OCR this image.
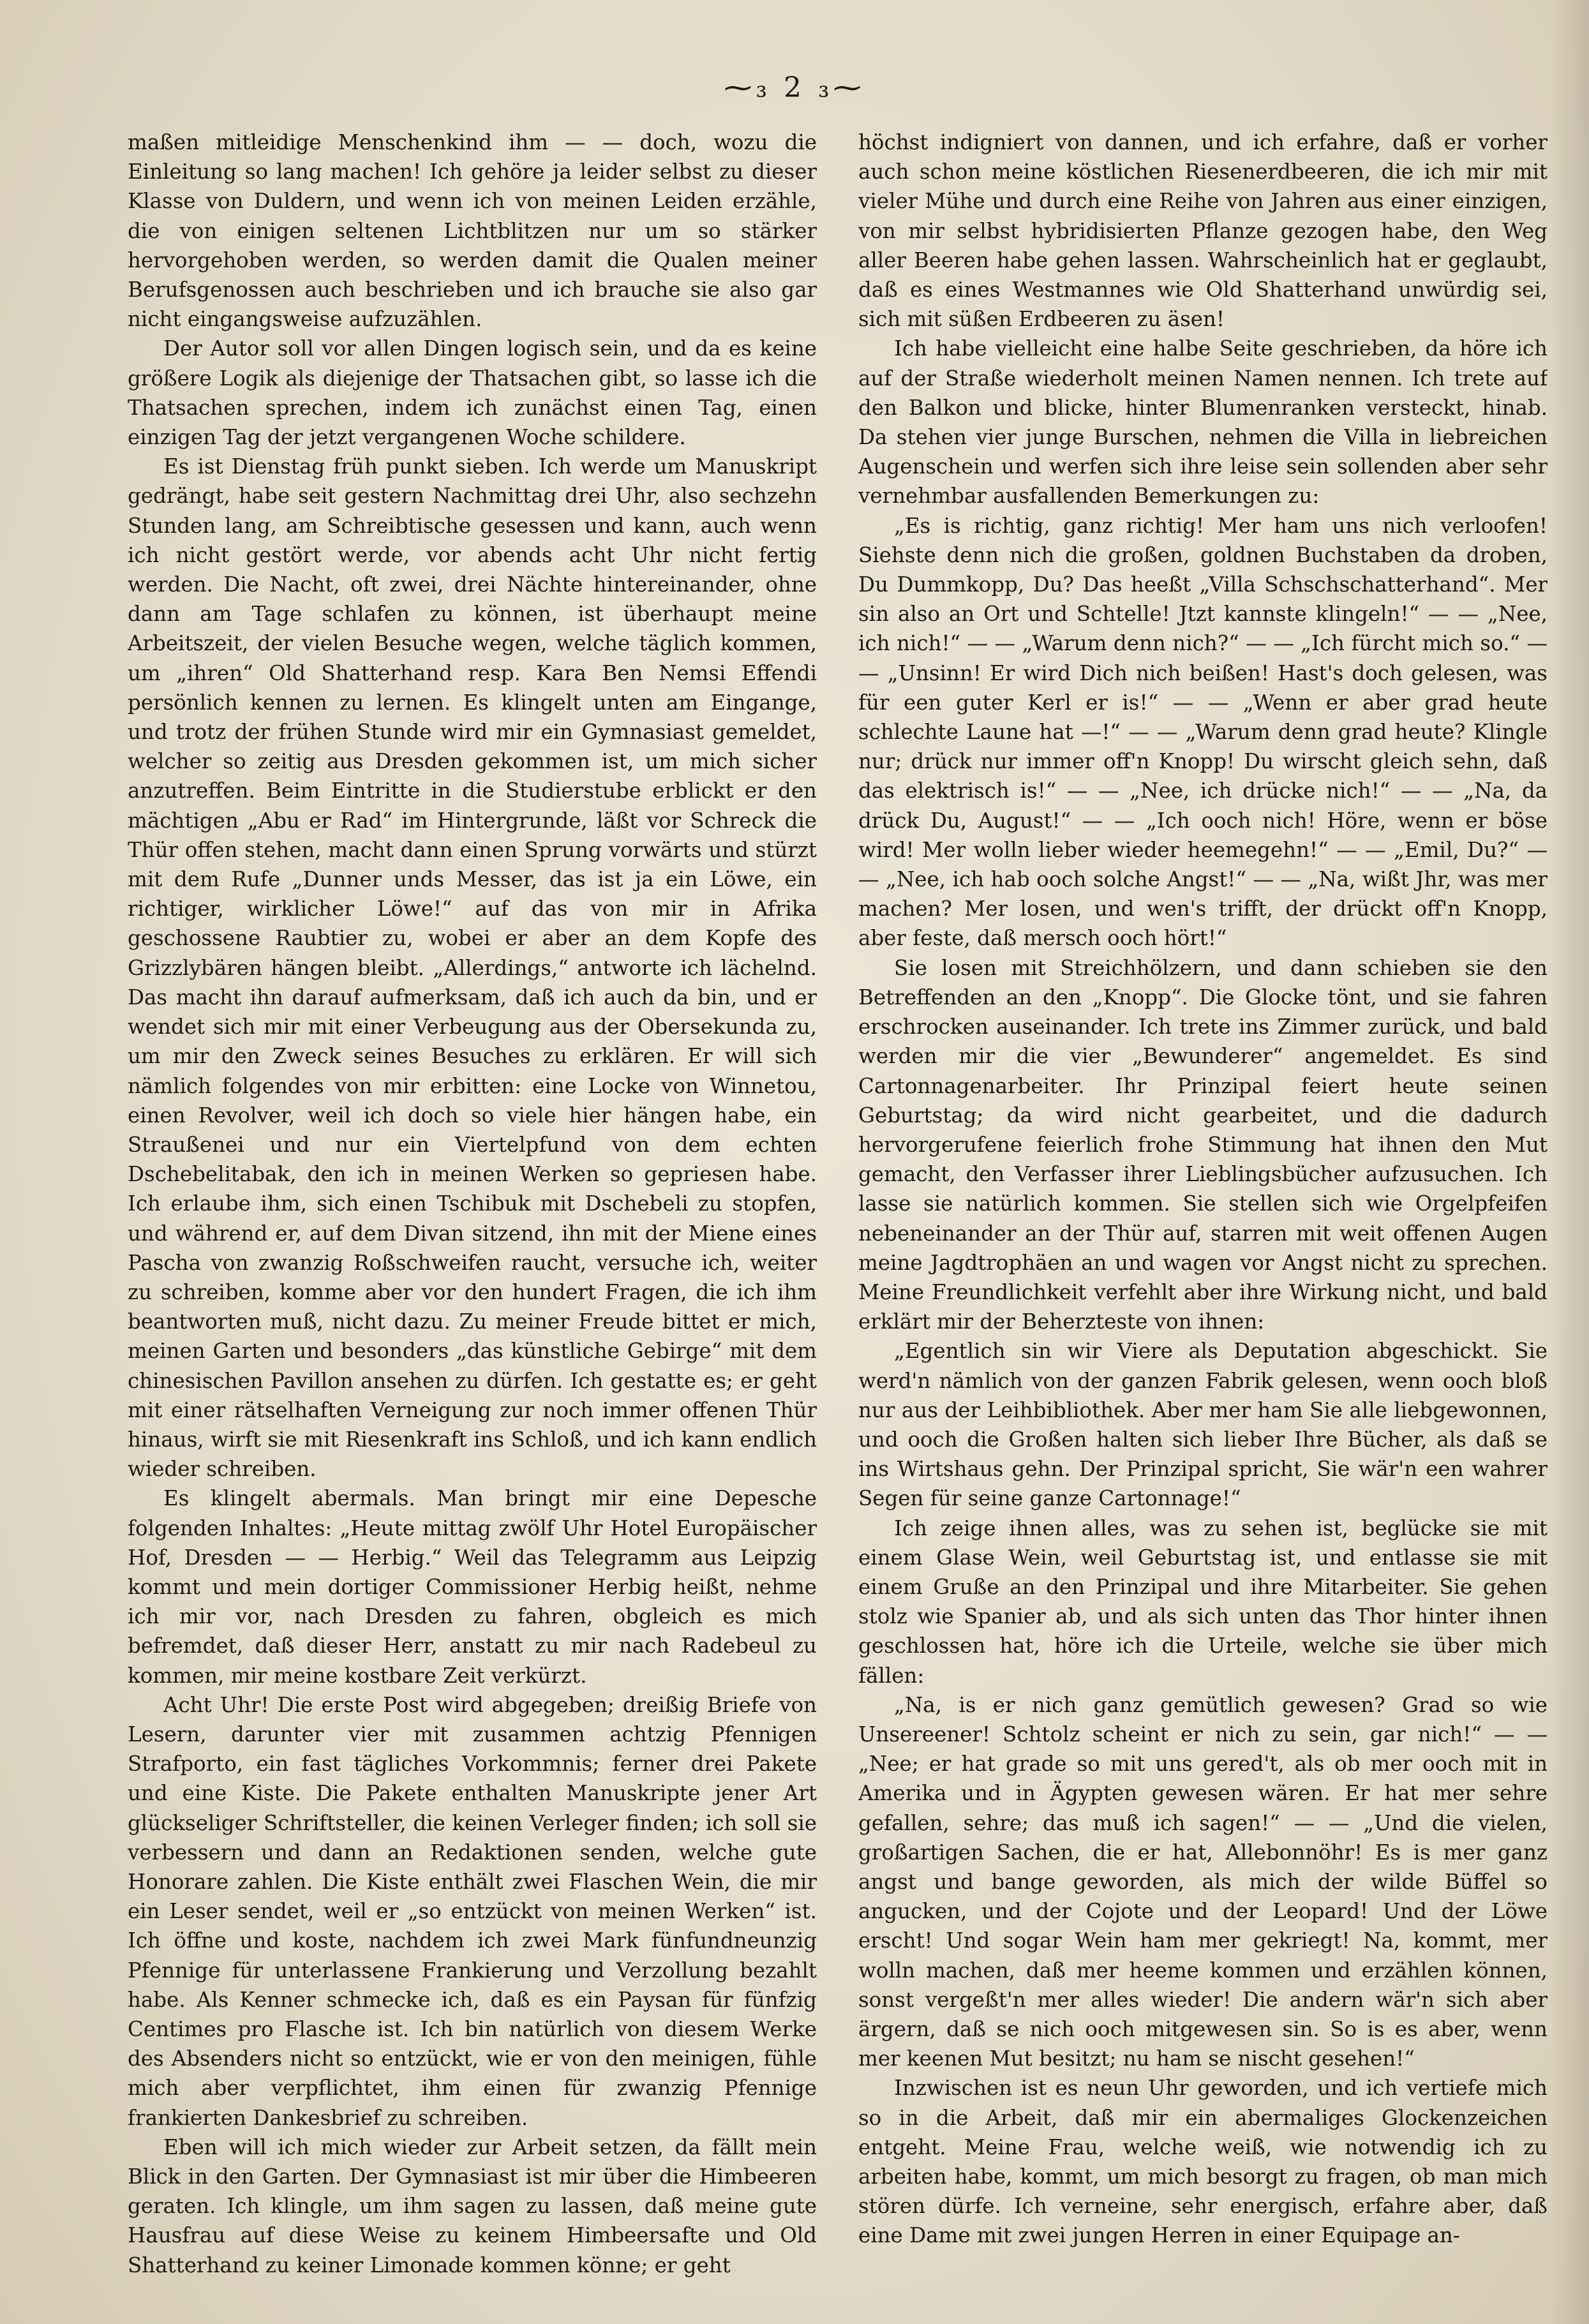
⁓₃ 2 ₃⁓

maßen mitleidige Menschenkind ihm — — doch, wozu die Einleitung so lang machen! Ich gehöre ja leider selbst zu dieser Klasse von Duldern, und wenn ich von meinen Leiden erzähle, die von einigen seltenen Lichtblitzen nur um so stärker hervorgehoben werden, so werden damit die Qualen meiner Berufsgenossen auch beschrieben und ich brauche sie also gar nicht eingangsweise aufzuzählen.

Der Autor soll vor allen Dingen logisch sein, und da es keine größere Logik als diejenige der Thatsachen gibt, so lasse ich die Thatsachen sprechen, indem ich zunächst einen Tag, einen einzigen Tag der jetzt vergangenen Woche schildere.

Es ist Dienstag früh punkt sieben. Ich werde um Manuskript gedrängt, habe seit gestern Nachmittag drei Uhr, also sechzehn Stunden lang, am Schreibtische gesessen und kann, auch wenn ich nicht gestört werde, vor abends acht Uhr nicht fertig werden. Die Nacht, oft zwei, drei Nächte hintereinander, ohne dann am Tage schlafen zu können, ist überhaupt meine Arbeitszeit, der vielen Besuche wegen, welche täglich kommen, um „ihren“ Old Shatterhand resp. Kara Ben Nemsi Effendi persönlich kennen zu lernen. Es klingelt unten am Eingange, und trotz der frühen Stunde wird mir ein Gymnasiast gemeldet, welcher so zeitig aus Dresden gekommen ist, um mich sicher anzutreffen. Beim Eintritte in die Studierstube erblickt er den mächtigen „Abu er Rad“ im Hintergrunde, läßt vor Schreck die Thür offen stehen, macht dann einen Sprung vorwärts und stürzt mit dem Rufe „Dunner unds Messer, das ist ja ein Löwe, ein richtiger, wirklicher Löwe!“ auf das von mir in Afrika geschossene Raubtier zu, wobei er aber an dem Kopfe des Grizzlybären hängen bleibt. „Allerdings,“ antworte ich lächelnd. Das macht ihn darauf aufmerksam, daß ich auch da bin, und er wendet sich mir mit einer Verbeugung aus der Obersekunda zu, um mir den Zweck seines Besuches zu erklären. Er will sich nämlich folgendes von mir erbitten: eine Locke von Winnetou, einen Revolver, weil ich doch so viele hier hängen habe, ein Straußenei und nur ein Viertelpfund von dem echten Dschebelitabak, den ich in meinen Werken so gepriesen habe. Ich erlaube ihm, sich einen Tschibuk mit Dschebeli zu stopfen, und während er, auf dem Divan sitzend, ihn mit der Miene eines Pascha von zwanzig Roßschweifen raucht, versuche ich, weiter zu schreiben, komme aber vor den hundert Fragen, die ich ihm beantworten muß, nicht dazu. Zu meiner Freude bittet er mich, meinen Garten und besonders „das künstliche Gebirge“ mit dem chinesischen Pavillon ansehen zu dürfen. Ich gestatte es; er geht mit einer rätselhaften Verneigung zur noch immer offenen Thür hinaus, wirft sie mit Riesenkraft ins Schloß, und ich kann endlich wieder schreiben.

Es klingelt abermals. Man bringt mir eine Depesche folgenden Inhaltes: „Heute mittag zwölf Uhr Hotel Europäischer Hof, Dresden — — Herbig.“ Weil das Telegramm aus Leipzig kommt und mein dortiger Commissioner Herbig heißt, nehme ich mir vor, nach Dresden zu fahren, obgleich es mich befremdet, daß dieser Herr, anstatt zu mir nach Radebeul zu kommen, mir meine kostbare Zeit verkürzt.

Acht Uhr! Die erste Post wird abgegeben; dreißig Briefe von Lesern, darunter vier mit zusammen achtzig Pfennigen Strafporto, ein fast tägliches Vorkommnis; ferner drei Pakete und eine Kiste. Die Pakete enthalten Manuskripte jener Art glückseliger Schriftsteller, die keinen Verleger finden; ich soll sie verbessern und dann an Redaktionen senden, welche gute Honorare zahlen. Die Kiste enthält zwei Flaschen Wein, die mir ein Leser sendet, weil er „so entzückt von meinen Werken“ ist. Ich öffne und koste, nachdem ich zwei Mark fünfundneunzig Pfennige für unterlassene Frankierung und Verzollung bezahlt habe. Als Kenner schmecke ich, daß es ein Paysan für fünfzig Centimes pro Flasche ist. Ich bin natürlich von diesem Werke des Absenders nicht so entzückt, wie er von den meinigen, fühle mich aber verpflichtet, ihm einen für zwanzig Pfennige frankierten Dankesbrief zu schreiben.

Eben will ich mich wieder zur Arbeit setzen, da fällt mein Blick in den Garten. Der Gymnasiast ist mir über die Himbeeren geraten. Ich klingle, um ihm sagen zu lassen, daß meine gute Hausfrau auf diese Weise zu keinem Himbeersafte und Old Shatterhand zu keiner Limonade kommen könne; er geht

höchst indigniert von dannen, und ich erfahre, daß er vorher auch schon meine köstlichen Riesenerdbeeren, die ich mir mit vieler Mühe und durch eine Reihe von Jahren aus einer einzigen, von mir selbst hybridisierten Pflanze gezogen habe, den Weg aller Beeren habe gehen lassen. Wahrscheinlich hat er geglaubt, daß es eines Westmannes wie Old Shatterhand unwürdig sei, sich mit süßen Erdbeeren zu äsen!

Ich habe vielleicht eine halbe Seite geschrieben, da höre ich auf der Straße wiederholt meinen Namen nennen. Ich trete auf den Balkon und blicke, hinter Blumenranken versteckt, hinab. Da stehen vier junge Burschen, nehmen die Villa in liebreichen Augenschein und werfen sich ihre leise sein sollenden aber sehr vernehmbar ausfallenden Bemerkungen zu:

„Es is richtig, ganz richtig! Mer ham uns nich verloofen! Siehste denn nich die großen, goldnen Buchstaben da droben, Du Dummkopp, Du? Das heeßt „Villa Schschschatterhand“. Mer sin also an Ort und Schtelle! Jtzt kannste klingeln!“ — — „Nee, ich nich!“ — — „Warum denn nich?“ — — „Ich fürcht mich so.“ — — „Unsinn! Er wird Dich nich beißen! Hast's doch gelesen, was für een guter Kerl er is!“ — — „Wenn er aber grad heute schlechte Laune hat —!“ — — „Warum denn grad heute? Klingle nur; drück nur immer off'n Knopp! Du wirscht gleich sehn, daß das elektrisch is!“ — — „Nee, ich drücke nich!“ — — „Na, da drück Du, August!“ — — „Ich ooch nich! Höre, wenn er böse wird! Mer wolln lieber wieder heemegehn!“ — — „Emil, Du?“ — — „Nee, ich hab ooch solche Angst!“ — — „Na, wißt Jhr, was mer machen? Mer losen, und wen's trifft, der drückt off'n Knopp, aber feste, daß mersch ooch hört!“

Sie losen mit Streichhölzern, und dann schieben sie den Betreffenden an den „Knopp“. Die Glocke tönt, und sie fahren erschrocken auseinander. Ich trete ins Zimmer zurück, und bald werden mir die vier „Bewunderer“ angemeldet. Es sind Cartonnagenarbeiter. Ihr Prinzipal feiert heute seinen Geburtstag; da wird nicht gearbeitet, und die dadurch hervorgerufene feierlich frohe Stimmung hat ihnen den Mut gemacht, den Verfasser ihrer Lieblingsbücher aufzusuchen. Ich lasse sie natürlich kommen. Sie stellen sich wie Orgelpfeifen nebeneinander an der Thür auf, starren mit weit offenen Augen meine Jagdtrophäen an und wagen vor Angst nicht zu sprechen. Meine Freundlichkeit verfehlt aber ihre Wirkung nicht, und bald erklärt mir der Beherzteste von ihnen:

„Egentlich sin wir Viere als Deputation abgeschickt. Sie werd'n nämlich von der ganzen Fabrik gelesen, wenn ooch bloß nur aus der Leihbibliothek. Aber mer ham Sie alle liebgewonnen, und ooch die Großen halten sich lieber Ihre Bücher, als daß se ins Wirtshaus gehn. Der Prinzipal spricht, Sie wär'n een wahrer Segen für seine ganze Cartonnage!“

Ich zeige ihnen alles, was zu sehen ist, beglücke sie mit einem Glase Wein, weil Geburtstag ist, und entlasse sie mit einem Gruße an den Prinzipal und ihre Mitarbeiter. Sie gehen stolz wie Spanier ab, und als sich unten das Thor hinter ihnen geschlossen hat, höre ich die Urteile, welche sie über mich fällen:

„Na, is er nich ganz gemütlich gewesen? Grad so wie Unsereener! Schtolz scheint er nich zu sein, gar nich!“ — — „Nee; er hat grade so mit uns gered't, als ob mer ooch mit in Amerika und in Ägypten gewesen wären. Er hat mer sehre gefallen, sehre; das muß ich sagen!“ — — „Und die vielen, großartigen Sachen, die er hat, Allebonnöhr! Es is mer ganz angst und bange geworden, als mich der wilde Büffel so angucken, und der Cojote und der Leopard! Und der Löwe erscht! Und sogar Wein ham mer gekriegt! Na, kommt, mer wolln machen, daß mer heeme kommen und erzählen können, sonst vergeßt'n mer alles wieder! Die andern wär'n sich aber ärgern, daß se nich ooch mitgewesen sin. So is es aber, wenn mer keenen Mut besitzt; nu ham se nischt gesehen!“

Inzwischen ist es neun Uhr geworden, und ich vertiefe mich so in die Arbeit, daß mir ein abermaliges Glockenzeichen entgeht. Meine Frau, welche weiß, wie notwendig ich zu arbeiten habe, kommt, um mich besorgt zu fragen, ob man mich stören dürfe. Ich verneine, sehr energisch, erfahre aber, daß eine Dame mit zwei jungen Herren in einer Equipage an-
